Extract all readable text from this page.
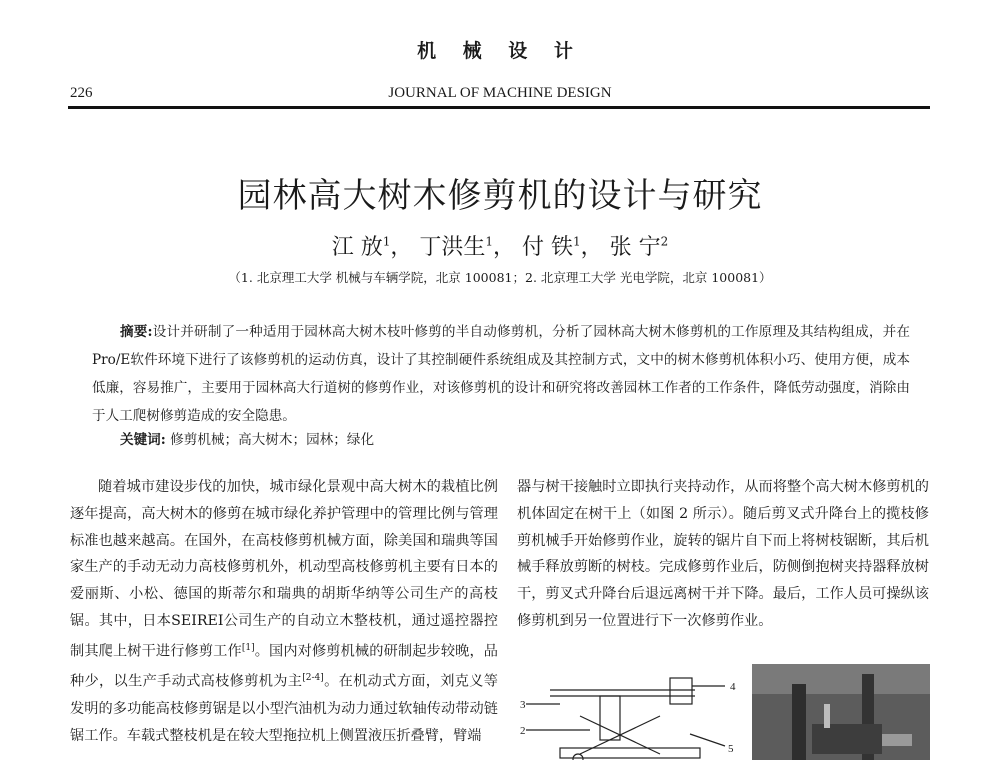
机 械 设 计
226	JOURNAL OF MACHINE DESIGN
园林高大树木修剪机的设计与研究
江 放$^1$， 丁洪生$^1$， 付 铁$^1$， 张 宁$^2$
（1. 北京理工大学 机械与车辆学院，北京 100081；2. 北京理工大学 光电学院，北京 100081）
摘要:设计并研制了一种适用于园林高大树木枝叶修剪的半自动修剪机，分析了园林高大树木修剪机的工作原理及其结构组成，并在Pro/E软件环境下进行了该修剪机的运动仿真，设计了其控制硬件系统组成及其控制方式，文中的树木修剪机体积小巧、使用方便，成本低廉，容易推广，主要用于园林高大行道树的修剪作业，对该修剪机的设计和研究将改善园林工作者的工作条件，降低劳动强度，消除由于人工爬树修剪造成的安全隐患。
关键词: 修剪机械；高大树木；园林；绿化
随着城市建设步伐的加快，城市绿化景观中高大树木的栽植比例逐年提高，高大树木的修剪在城市绿化养护管理中的管理比例与管理标准也越来越高。在国外，在高枝修剪机械方面，除美国和瑞典等国家生产的手动无动力高枝修剪机外，机动型高枝修剪机主要有日本的爱丽斯、小松、德国的斯蒂尔和瑞典的胡斯华纳等公司生产的高枝锯。其中，日本SEIREI公司生产的自动立木整枝机，通过遥控器控制其爬上树干进行修剪工作[1]。国内对修剪机械的研制起步较晚，品种少，以生产手动式高枝修剪机为主[2-4]。在机动式方面，刘克义等发明的多功能高枝修剪锯是以小型汽油机为动力通过软轴传动带动链锯工作。车载式整枝机是在较大型拖拉机上侧置液压折叠臂，臂端
器与树干接触时立即执行夹持动作，从而将整个高大树木修剪机的机体固定在树干上（如图 2 所示）。随后剪叉式升降台上的揽枝修剪机械手开始修剪作业，旋转的锯片自下而上将树枝锯断，其后机械手释放剪断的树枝。完成修剪作业后，防侧倒抱树夹持器释放树干，剪叉式升降台后退远离树干并下降。最后，工作人员可操纵该修剪机到另一位置进行下一次修剪作业。
4
3
2
5
